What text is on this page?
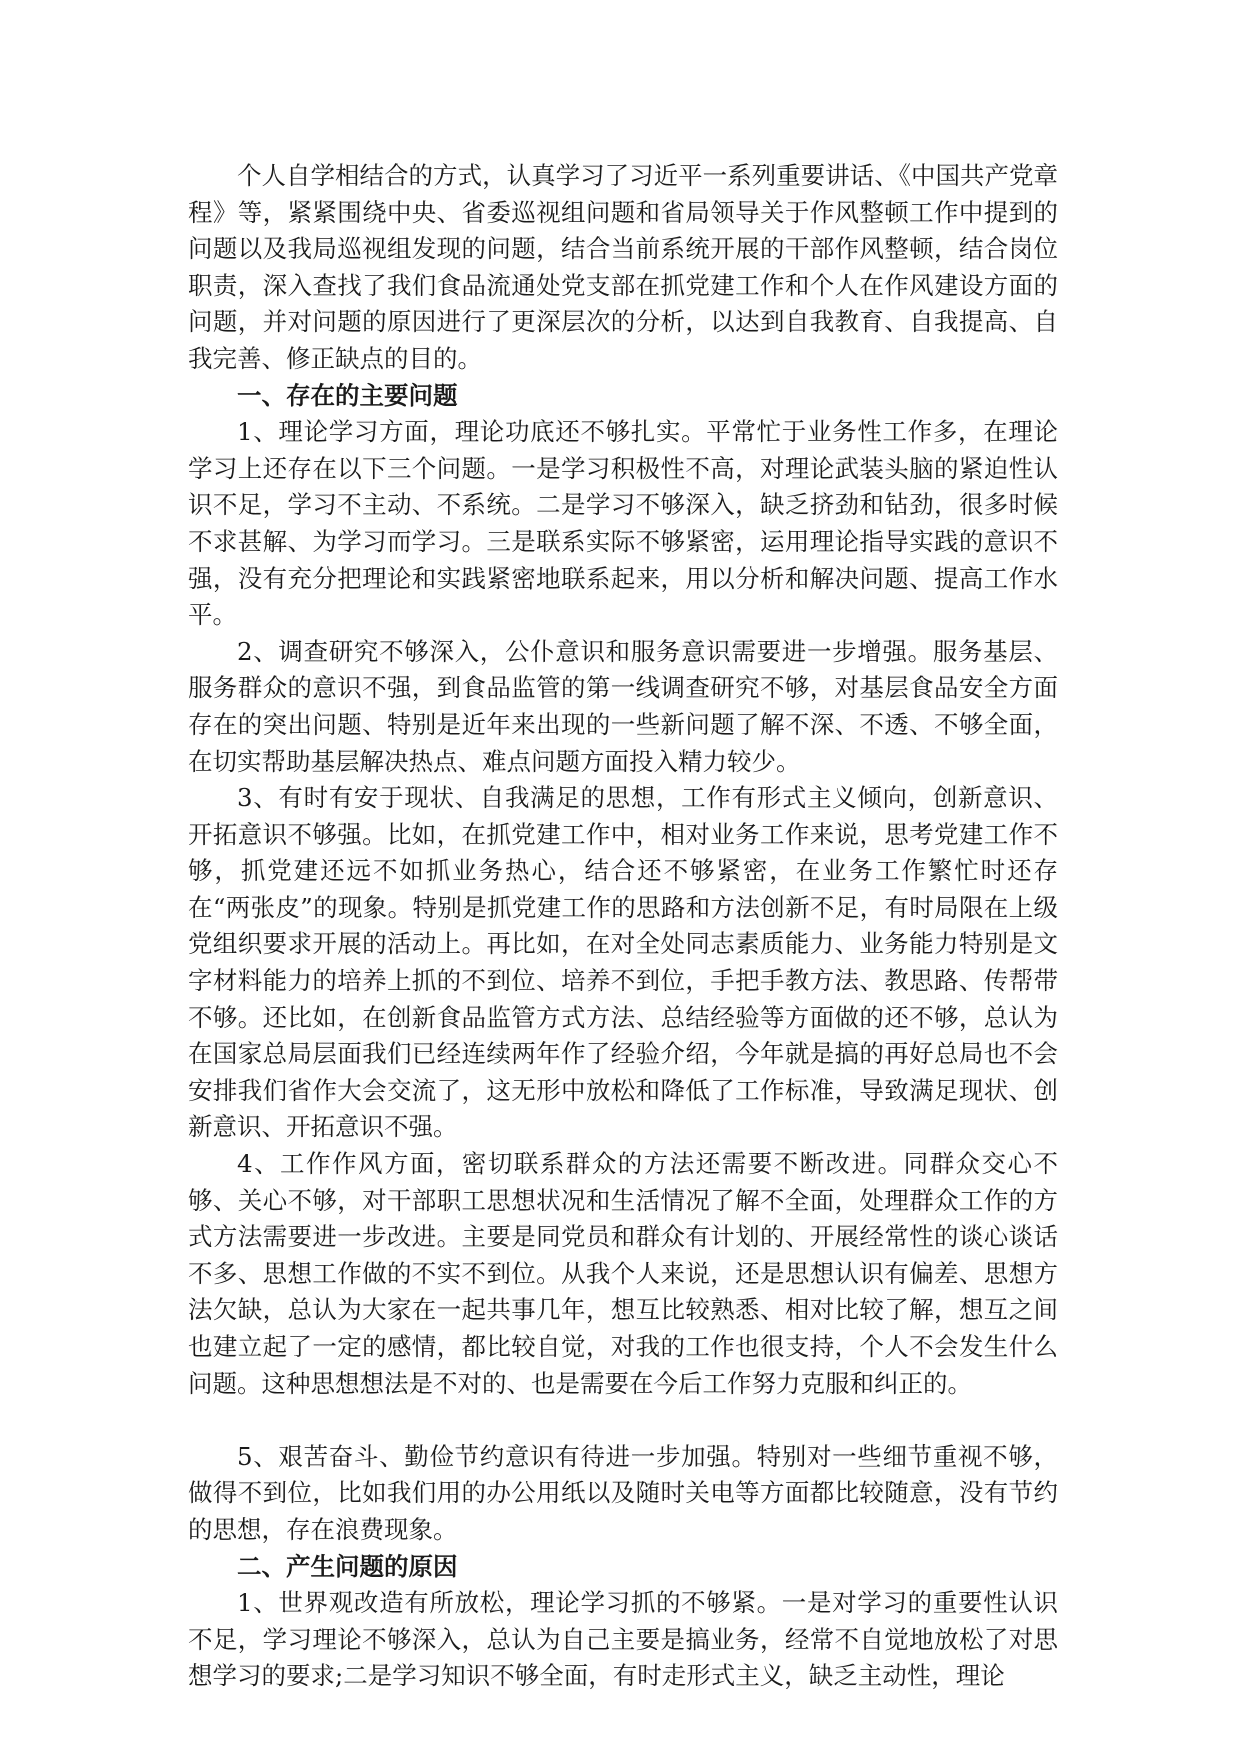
个人自学相结合的方式，认真学习了习近平一系列重要讲话、《中国共产党章程》等，紧紧围绕中央、省委巡视组问题和省局领导关于作风整顿工作中提到的问题以及我局巡视组发现的问题，结合当前系统开展的干部作风整顿，结合岗位职责，深入查找了我们食品流通处党支部在抓党建工作和个人在作风建设方面的问题，并对问题的原因进行了更深层次的分析，以达到自我教育、自我提高、自我完善、修正缺点的目的。

一、存在的主要问题

1、理论学习方面，理论功底还不够扎实。平常忙于业务性工作多，在理论学习上还存在以下三个问题。一是学习积极性不高，对理论武装头脑的紧迫性认识不足，学习不主动、不系统。二是学习不够深入，缺乏挤劲和钻劲，很多时候不求甚解、为学习而学习。三是联系实际不够紧密，运用理论指导实践的意识不强，没有充分把理论和实践紧密地联系起来，用以分析和解决问题、提高工作水平。

2、调查研究不够深入，公仆意识和服务意识需要进一步增强。服务基层、服务群众的意识不强，到食品监管的第一线调查研究不够，对基层食品安全方面存在的突出问题、特别是近年来出现的一些新问题了解不深、不透、不够全面，在切实帮助基层解决热点、难点问题方面投入精力较少。

3、有时有安于现状、自我满足的思想，工作有形式主义倾向，创新意识、开拓意识不够强。比如，在抓党建工作中，相对业务工作来说，思考党建工作不够，抓党建还远不如抓业务热心，结合还不够紧密，在业务工作繁忙时还存在“两张皮”的现象。特别是抓党建工作的思路和方法创新不足，有时局限在上级党组织要求开展的活动上。再比如，在对全处同志素质能力、业务能力特别是文字材料能力的培养上抓的不到位、培养不到位，手把手教方法、教思路、传帮带不够。还比如，在创新食品监管方式方法、总结经验等方面做的还不够，总认为在国家总局层面我们已经连续两年作了经验介绍，今年就是搞的再好总局也不会安排我们省作大会交流了，这无形中放松和降低了工作标准，导致满足现状、创新意识、开拓意识不强。

4、工作作风方面，密切联系群众的方法还需要不断改进。同群众交心不够、关心不够，对干部职工思想状况和生活情况了解不全面，处理群众工作的方式方法需要进一步改进。主要是同党员和群众有计划的、开展经常性的谈心谈话不多、思想工作做的不实不到位。从我个人来说，还是思想认识有偏差、思想方法欠缺，总认为大家在一起共事几年，想互比较熟悉、相对比较了解，想互之间也建立起了一定的感情，都比较自觉，对我的工作也很支持，个人不会发生什么问题。这种思想想法是不对的、也是需要在今后工作努力克服和纠正的。

5、艰苦奋斗、勤俭节约意识有待进一步加强。特别对一些细节重视不够，做得不到位，比如我们用的办公用纸以及随时关电等方面都比较随意，没有节约的思想，存在浪费现象。

二、产生问题的原因

1、世界观改造有所放松，理论学习抓的不够紧。一是对学习的重要性认识不足，学习理论不够深入，总认为自己主要是搞业务，经常不自觉地放松了对思想学习的要求;二是学习知识不够全面，有时走形式主义，缺乏主动性，理论
